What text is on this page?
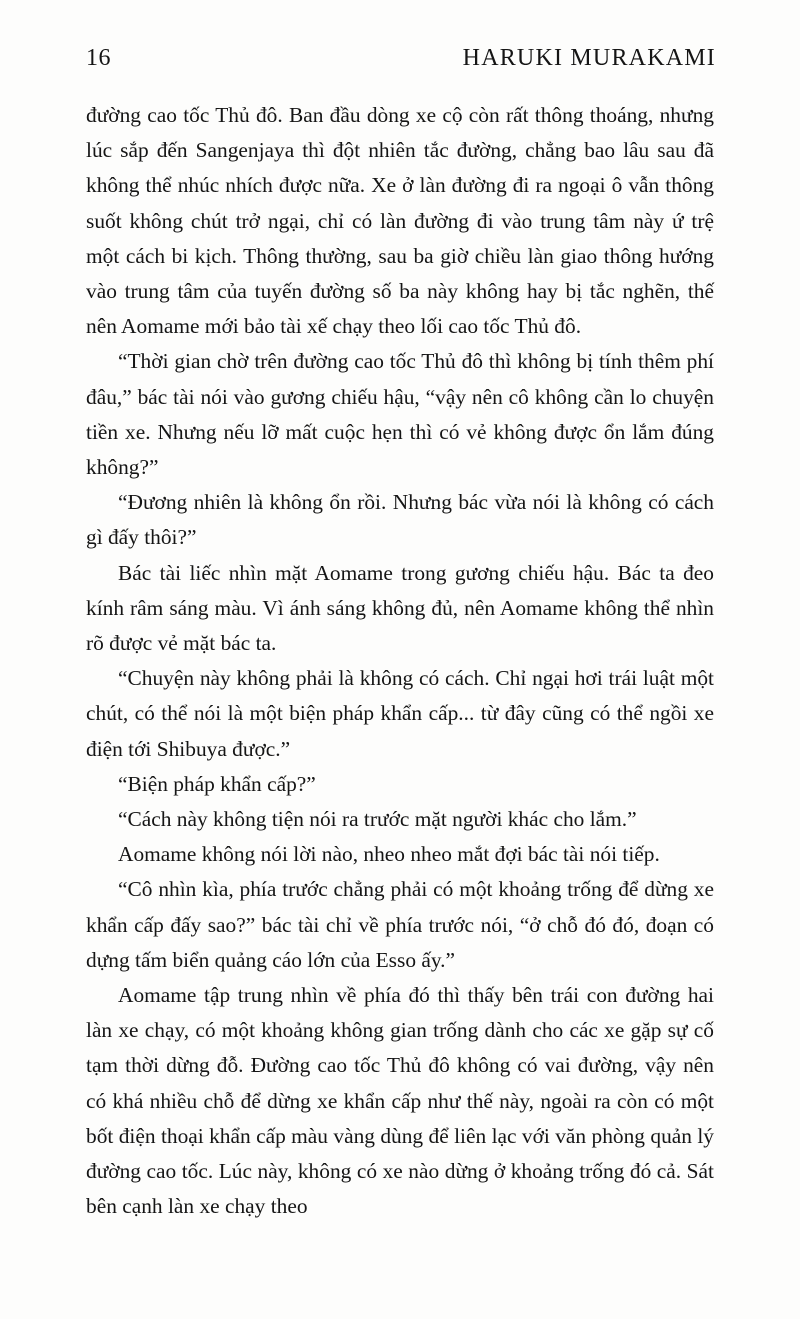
16	HARUKI MURAKAMI

đường cao tốc Thủ đô. Ban đầu dòng xe cộ còn rất thông thoáng, nhưng lúc sắp đến Sangenjaya thì đột nhiên tắc đường, chẳng bao lâu sau đã không thể nhúc nhích được nữa. Xe ở làn đường đi ra ngoại ô vẫn thông suốt không chút trở ngại, chỉ có làn đường đi vào trung tâm này ứ trệ một cách bi kịch. Thông thường, sau ba giờ chiều làn giao thông hướng vào trung tâm của tuyến đường số ba này không hay bị tắc nghẽn, thế nên Aomame mới bảo tài xế chạy theo lối cao tốc Thủ đô.

“Thời gian chờ trên đường cao tốc Thủ đô thì không bị tính thêm phí đâu,” bác tài nói vào gương chiếu hậu, “vậy nên cô không cần lo chuyện tiền xe. Nhưng nếu lỡ mất cuộc hẹn thì có vẻ không được ổn lắm đúng không?”

“Đương nhiên là không ổn rồi. Nhưng bác vừa nói là không có cách gì đấy thôi?”

Bác tài liếc nhìn mặt Aomame trong gương chiếu hậu. Bác ta đeo kính râm sáng màu. Vì ánh sáng không đủ, nên Aomame không thể nhìn rõ được vẻ mặt bác ta.

“Chuyện này không phải là không có cách. Chỉ ngại hơi trái luật một chút, có thể nói là một biện pháp khẩn cấp... từ đây cũng có thể ngồi xe điện tới Shibuya được.”

“Biện pháp khẩn cấp?”

“Cách này không tiện nói ra trước mặt người khác cho lắm.”

Aomame không nói lời nào, nheo nheo mắt đợi bác tài nói tiếp.

“Cô nhìn kìa, phía trước chẳng phải có một khoảng trống để dừng xe khẩn cấp đấy sao?” bác tài chỉ về phía trước nói, “ở chỗ đó đó, đoạn có dựng tấm biển quảng cáo lớn của Esso ấy.”

Aomame tập trung nhìn về phía đó thì thấy bên trái con đường hai làn xe chạy, có một khoảng không gian trống dành cho các xe gặp sự cố tạm thời dừng đỗ. Đường cao tốc Thủ đô không có vai đường, vậy nên có khá nhiều chỗ để dừng xe khẩn cấp như thế này, ngoài ra còn có một bốt điện thoại khẩn cấp màu vàng dùng để liên lạc với văn phòng quản lý đường cao tốc. Lúc này, không có xe nào dừng ở khoảng trống đó cả. Sát bên cạnh làn xe chạy theo
